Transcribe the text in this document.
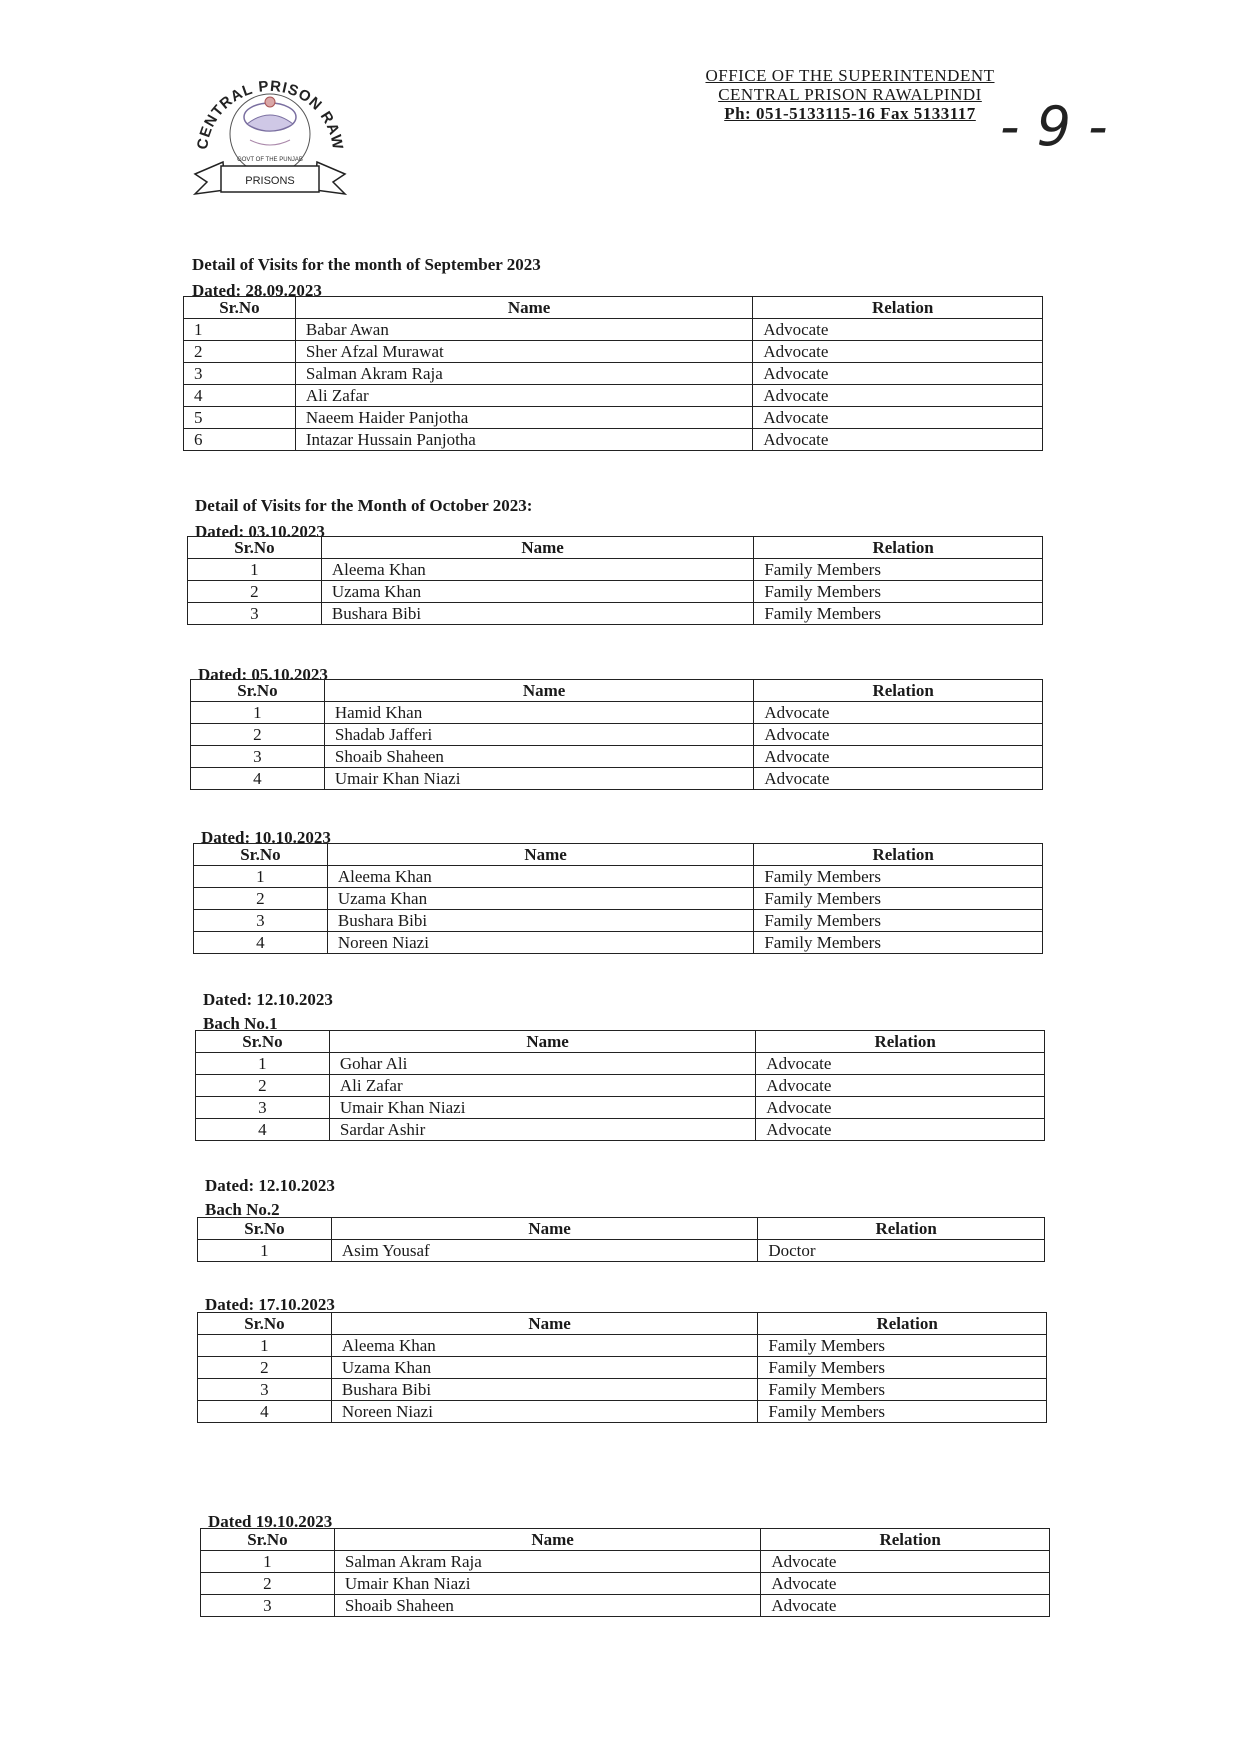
CENTRAL PRISON RAW
GOVT OF THE PUNJAB
PRISONS
OFFICE OF THE SUPERINTENDENT
CENTRAL PRISON RAWALPINDI
Ph: 051-5133115-16 Fax 5133117 - 9 -
Detail of Visits for the month of September 2023
Dated: 28.09.2023
Sr.No	Name	Relation
1	Babar Awan	Advocate
2	Sher Afzal Murawat	Advocate
3	Salman Akram Raja	Advocate
4	Ali Zafar	Advocate
5	Naeem Haider Panjotha	Advocate
6	Intazar Hussain Panjotha	Advocate
Detail of Visits for the Month of October 2023:
Dated: 03.10.2023
Sr.No	Name	Relation
1	Aleema Khan	Family Members
2	Uzama Khan	Family Members
3	Bushara Bibi	Family Members
Dated: 05.10.2023
Sr.No	Name	Relation
1	Hamid Khan	Advocate
2	Shadab Jafferi	Advocate
3	Shoaib Shaheen	Advocate
4	Umair Khan Niazi	Advocate
Dated: 10.10.2023
Sr.No	Name	Relation
1	Aleema Khan	Family Members
2	Uzama Khan	Family Members
3	Bushara Bibi	Family Members
4	Noreen Niazi	Family Members
Dated: 12.10.2023
Bach No.1
Sr.No	Name	Relation
1	Gohar Ali	Advocate
2	Ali Zafar	Advocate
3	Umair Khan Niazi	Advocate
4	Sardar Ashir	Advocate
Dated: 12.10.2023
Bach No.2
Sr.No	Name	Relation
1	Asim Yousaf	Doctor
Dated: 17.10.2023
Sr.No	Name	Relation
1	Aleema Khan	Family Members
2	Uzama Khan	Family Members
3	Bushara Bibi	Family Members
4	Noreen Niazi	Family Members
Dated 19.10.2023
Sr.No	Name	Relation
1	Salman Akram Raja	Advocate
2	Umair Khan Niazi	Advocate
3	Shoaib Shaheen	Advocate
